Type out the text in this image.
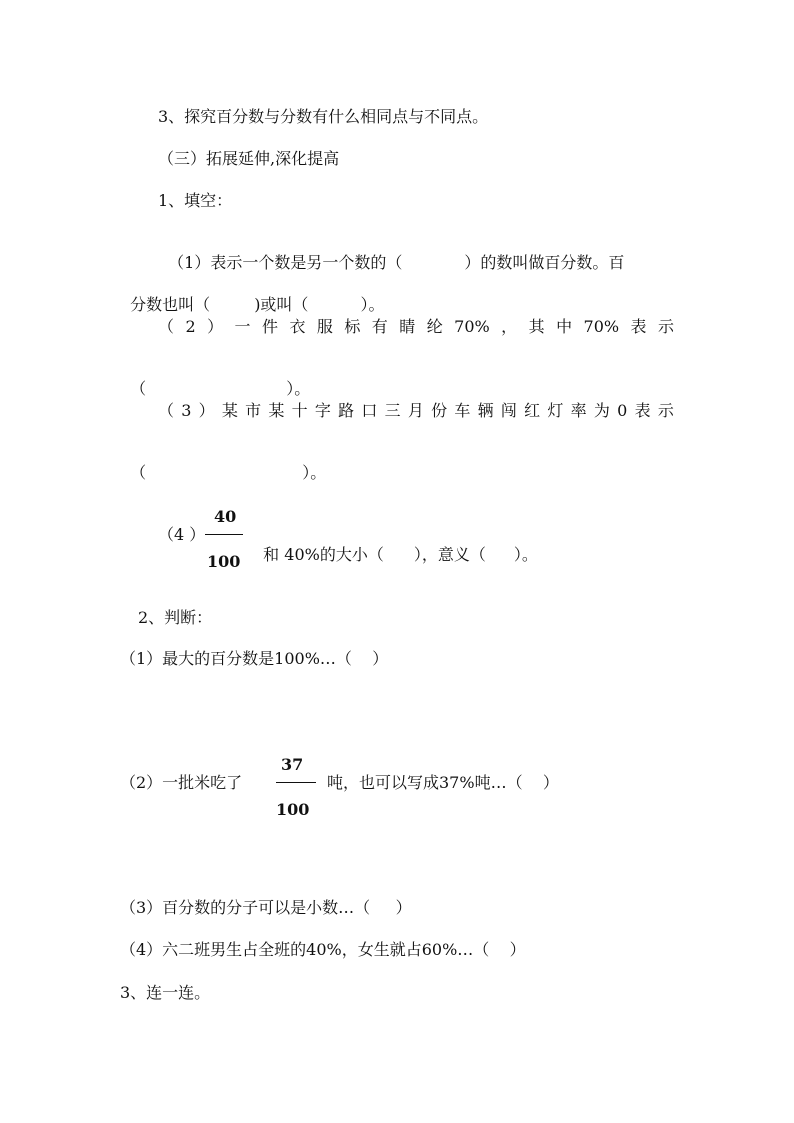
3、探究百分数与分数有什么相同点与不同点。
（三）拓展延伸,深化提高
1、填空：

（1）表示一个数是另一个数的（	）的数叫做百分数。百

分数也叫（	)或叫（	）。

（ 2 ） 一 件 衣 服 标 有 睛 纶 70% ， 其 中 70% 表 示

（	）。

（ 3 ） 某 市 某 十 字 路 口 三 月 份 车 辆 闯 红 灯 率 为 0 表 示

（	）。

（4 ）
40
100	和 40%的大小（ ），意义（ ）。

2、判断：
（1）最大的百分数是100%…（    ）
（2）一批米吃了
37
100
吨，也可以写成37%吨…（    ）
（3）百分数的分子可以是小数…（     ）
（4）六二班男生占全班的40%，女生就占60%…（    ）
3、连一连。
